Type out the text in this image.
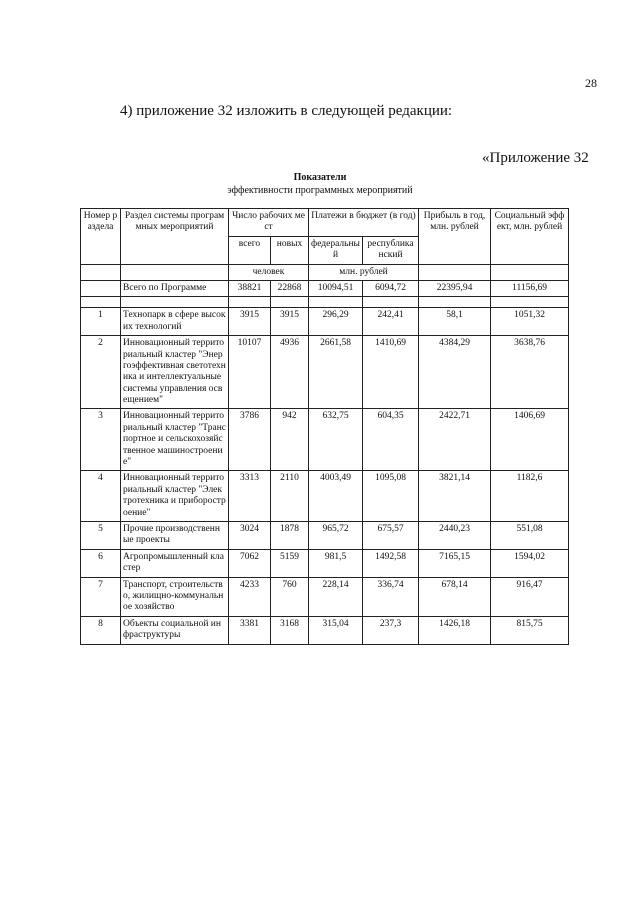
28
4) приложение 32 изложить в следующей редакции:
«Приложение 32
Показатели
эффективности программных мероприятий
Номер раздела	Раздел системы программных мероприятий	Число рабочих мест		Платежи в бюджет (в год)		Прибыль в год, млн. рублей	Социальный эффект, млн. рублей
		всего	новых	федеральный	республиканский		
		человек		млн. рублей			
	Всего по Программе	38821	22868	10094,51	6094,72	22395,94	11156,69

1	Технопарк в сфере высоких технологий	3915	3915	296,29	242,41	58,1	1051,32
2	Инновационный территориальный кластер "Энергоэффективная светотехника и интеллектуальные системы управления освещением"	10107	4936	2661,58	1410,69	4384,29	3638,76
3	Инновационный территориальный кластер "Транспортное и сельскохозяйственное машиностроение"	3786	942	632,75	604,35	2422,71	1406,69
4	Инновационный территориальный кластер "Электротехника и приборостроение"	3313	2110	4003,49	1095,08	3821,14	1182,6
5	Прочие производственные проекты	3024	1878	965,72	675,57	2440,23	551,08
6	Агропромышленный кластер	7062	5159	981,5	1492,58	7165,15	1594,02
7	Транспорт, строительство, жилищно-коммунальное хозяйство	4233	760	228,14	336,74	678,14	916,47
8	Объекты социальной инфраструктуры	3381	3168	315,04	237,3	1426,18	815,75
